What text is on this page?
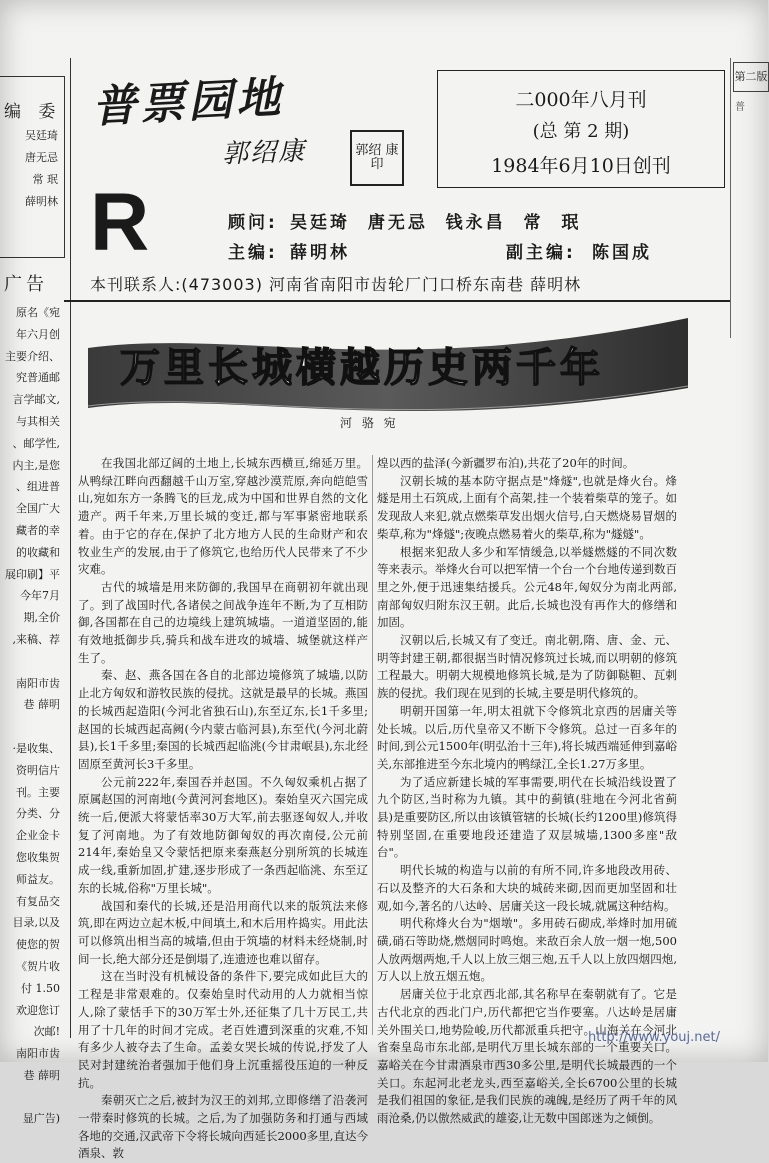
编 委
吴廷琦
唐无忌
常 珉
薛明林
广告
原名《宛
年六月创
主要介绍、
究普通邮
言学邮文,
与其相关
、邮学性,
内主,是您
、组进普
全国广大
藏者的幸
的收藏和
展印刷】平
今年7月
期,全价
,来稿、荐
南阳市齿
巷 薛明
·是收集、
资明信片
刊。主要
分类、分
企业金卡
您收集贺
师益友。
有复品交
目录,以及
使您的贺
《贺片收
付 1.50
欢迎您订
次邮!
南阳市齿
巷 薛明
显广告)
第二版
普
普票园地
郭绍康	郭绍 康印
R
二000年八月刊
(总 第 2 期)
1984年6月10日创刊
顾问: 吴廷琦  唐无忌  钱永昌  常  珉
主编: 薛明林	副主编: 陈国成
本刊联系人:(473003) 河南省南阳市齿轮厂门口桥东南巷 薛明林
万里长城横越历史两千年
河 骆 宛

在我国北部辽阔的土地上,长城东西横亘,绵延万里。从鸭绿江畔向西翻越千山万室,穿越沙漠荒原,奔向皑皑雪山,宛如东方一条腾飞的巨龙,成为中国和世界自然的文化遗产。两千年来,万里长城的变迁,都与军事紧密地联系着。由于它的存在,保护了北方地方人民的生命财产和农牧业生产的发展,由于了修筑它,也给历代人民带来了不少灾难。

古代的城墙是用来防御的,我国早在商朝初年就出现了。到了战国时代,各诸侯之间战争连年不断,为了互相防御,各国都在自己的边境线上建筑城墙。一道道坚固的,能有效地抵御步兵,骑兵和战车进攻的城墙、城堡就这样产生了。

秦、赵、燕各国在各自的北部边境修筑了城墙,以防止北方匈奴和游牧民族的侵扰。这就是最早的长城。燕国的长城西起造阳(今河北省独石山),东至辽东,长1千多里;赵国的长城西起高阙(今内蒙古临河县),东至代(今河北蔚县),长1千多里;秦国的长城西起临洮(今甘肃岷县),东北经固原至黄河长3千多里。

公元前222年,秦国吞并赵国。不久匈奴乘机占据了原属赵国的河南地(今黄河河套地区)。秦始皇灭六国完成统一后,便派大将蒙恬率30万大军,前去驱逐匈奴人,并收复了河南地。为了有效地防御匈奴的再次南侵,公元前214年,秦始皇又令蒙恬把原来秦燕赵分别所筑的长城连成一线,重新加固,扩建,逐步形成了一条西起临洮、东至辽东的长城,俗称"万里长城"。

战国和秦代的长城,还是沿用商代以来的版筑法来修筑,即在两边立起木板,中间填土,和木后用杵捣实。用此法可以修筑出相当高的城墙,但由于筑墙的材料未经烧制,时间一长,绝大部分还是倒塌了,连遗迹也难以留存。

这在当时没有机械设备的条件下,要完成如此巨大的工程是非常艰难的。仅秦始皇时代动用的人力就相当惊人,除了蒙恬手下的30万军士外,还征集了几十万民工,共用了十几年的时间才完成。老百姓遭到深重的灾难,不知有多少人被夺去了生命。孟姜女哭长城的传说,抒发了人民对封建统治者强加于他们身上沉重摇役压迫的一种反抗。

秦朝灭亡之后,被封为汉王的刘邦,立即修缮了沿袭河一带秦时修筑的长城。之后,为了加强防务和打通与西域各地的交通,汉武帝下令将长城向西延长2000多里,直达今酒泉、敦

煌以西的盐泽(今新疆罗布泊),共花了20年的时间。

汉朝长城的基本防守据点是"烽燧",也就是烽火台。烽燧是用土石筑成,上面有个高架,挂一个装着柴草的笼子。如发现敌人来犯,就点燃柴草发出烟火信号,白天燃烧易冒烟的柴草,称为"烽燧";夜晚点燃易着火的柴草,称为"燧燧"。

根据来犯敌人多少和军情缓急,以举燧燃燧的不同次数等来表示。举烽火台可以把军情一个台一个台地传递到数百里之外,便于迅速集结援兵。公元48年,匈奴分为南北两部,南部匈奴归附东汉王朝。此后,长城也没有再作大的修缮和加固。

汉朝以后,长城又有了变迁。南北朝,隋、唐、金、元、明等封建王朝,都很据当时情况修筑过长城,而以明朝的修筑工程最大。明朝大规模地修筑长城,是为了防御鞑靼、瓦剌族的侵扰。我们现在见到的长城,主要是明代修筑的。

明朝开国第一年,明太祖就下令修筑北京西的居庸关等处长城。以后,历代皇帝又不断下令修筑。总过一百多年的时间,到公元1500年(明弘治十三年),将长城西端延伸到嘉峪关,东部推进至今东北境内的鸭绿江,全长1.27万多里。

为了适应新建长城的军事需要,明代在长城沿线设置了九个防区,当时称为九镇。其中的蓟镇(驻地在今河北省蓟县)是重要防区,所以由该镇管辖的长城(长约1200里)修筑得特别坚固,在重要地段还建造了双层城墙,1300多座"敌台"。

明代长城的构造与以前的有所不同,许多地段改用砖、石以及整齐的大石条和大块的城砖来砌,因而更加坚固和壮观,如今,著名的八达岭、居庸关这一段长城,就属这种结构。

明代称烽火台为"烟墩"。多用砖石砌成,举烽时加用硫磺,硝石等助烧,燃烟同时鸣炮。来敌百余人放一烟一炮,500人放两烟两炮,千人以上放三烟三炮,五千人以上放四烟四炮,万人以上放五烟五炮。

居庸关位于北京西北部,其名称早在秦朝就有了。它是古代北京的西北门户,历代都把它当作要塞。八达岭是居庸关外围关口,地势险峻,历代都派重兵把守。山海关在今河北省秦皇岛市东北部,是明代万里长城东部的一个重要关口。嘉峪关在今甘肃酒泉市西30多公里,是明代长城最西的一个关口。东起河北老龙头,西至嘉峪关,全长6700公里的长城是我们祖国的象征,是我们民族的魂魄,是经历了两千年的风雨沧桑,仍以傲然威武的雄姿,让无数中国郎迷为之倾倒。

http://www.youj.net/
